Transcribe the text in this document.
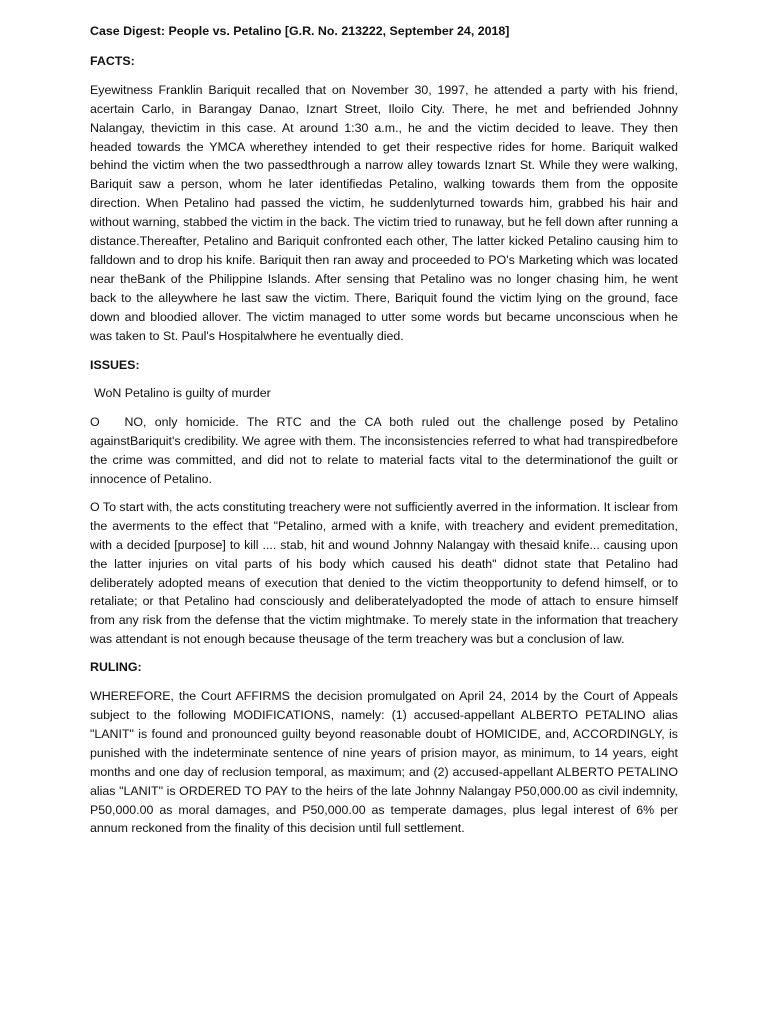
Case Digest: People vs. Petalino [G.R. No. 213222, September 24, 2018]

FACTS:

Eyewitness Franklin Bariquit recalled that on November 30, 1997, he attended a party with his friend, acertain Carlo, in Barangay Danao, Iznart Street, Iloilo City. There, he met and befriended Johnny Nalangay, thevictim in this case. At around 1:30 a.m., he and the victim decided to leave. They then headed towards the YMCA wherethey intended to get their respective rides for home. Bariquit walked behind the victim when the two passedthrough a narrow alley towards Iznart St. While they were walking, Bariquit saw a person, whom he later identifiedas Petalino, walking towards them from the opposite direction. When Petalino had passed the victim, he suddenlyturned towards him, grabbed his hair and without warning, stabbed the victim in the back. The victim tried to runaway, but he fell down after running a distance.Thereafter, Petalino and Bariquit confronted each other, The latter kicked Petalino causing him to falldown and to drop his knife. Bariquit then ran away and proceeded to PO's Marketing which was located near theBank of the Philippine Islands. After sensing that Petalino was no longer chasing him, he went back to the alleywhere he last saw the victim. There, Bariquit found the victim lying on the ground, face down and bloodied allover. The victim managed to utter some words but became unconscious when he was taken to St. Paul's Hospitalwhere he eventually died.

ISSUES:

WoN Petalino is guilty of murder

O   NO, only homicide. The RTC and the CA both ruled out the challenge posed by Petalino againstBariquit's credibility. We agree with them. The inconsistencies referred to what had transpiredbefore the crime was committed, and did not to relate to material facts vital to the determinationof the guilt or innocence of Petalino.

O To start with, the acts constituting treachery were not sufficiently averred in the information. It isclear from the averments to the effect that "Petalino, armed with a knife, with treachery and evident premeditation, with a decided [purpose] to kill .... stab, hit and wound Johnny Nalangay with thesaid knife... causing upon the latter injuries on vital parts of his body which caused his death" didnot state that Petalino had deliberately adopted means of execution that denied to the victim theopportunity to defend himself, or to retaliate; or that Petalino had consciously and deliberatelyadopted the mode of attach to ensure himself from any risk from the defense that the victim mightmake. To merely state in the information that treachery was attendant is not enough because theusage of the term treachery was but a conclusion of law.

RULING:

WHEREFORE, the Court AFFIRMS the decision promulgated on April 24, 2014 by the Court of Appeals subject to the following MODIFICATIONS, namely: (1) accused-appellant ALBERTO PETALINO alias "LANIT" is found and pronounced guilty beyond reasonable doubt of HOMICIDE, and, ACCORDINGLY, is punished with the indeterminate sentence of nine years of prision mayor, as minimum, to 14 years, eight months and one day of reclusion temporal, as maximum; and (2) accused-appellant ALBERTO PETALINO alias "LANIT" is ORDERED TO PAY to the heirs of the late Johnny Nalangay P50,000.00 as civil indemnity, P50,000.00 as moral damages, and P50,000.00 as temperate damages, plus legal interest of 6% per annum reckoned from the finality of this decision until full settlement.
